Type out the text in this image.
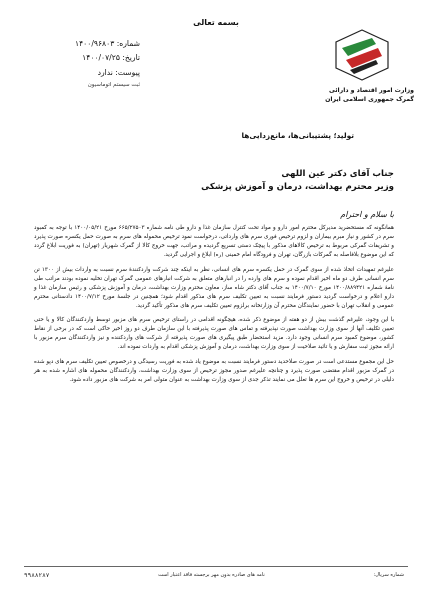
بسمه تعالی
وزارت امور اقتصاد و دارائی
گمرک جمهوری اسلامی ایران
شماره: ۱۴۰۰/۹۶۸۰۳
تاریخ: ۱۴۰۰/۰۷/۲۵
پیوست: ندارد
ثبت سیستم اتوماسیون
تولید؛ پشتیبانی‌ها، مانع‌زدایی‌ها
جناب آقای دکتر عین اللهی
وزیر محترم بهداشت، درمان و آموزش پزشکی
با سلام و احترام

همانگونه که مستحضرید مدیرکل محترم امور دارو و مواد تحت کنترل سازمان غذا و دارو طی نامه شماره ۶۶۵/۲۷۵۰۳ مورخ ۱۴۰۰/۰۵/۲۱ با توجه به کمبود سرم در کشور و نیاز مبرم بیماران و لزوم ترخیص فوری سرم های وارداتی، درخواست نمود ترخیص محموله های سرم به صورت حمل یکسره صورت پذیرد و تشریفات گمرکی مربوط به ترخیص کالاهای مذکور با پیچک دستی تسریع گردیده و مراتب، جهت خروج کالا از گمرک شهریار (تهران) به فوریت ابلاغ گردد که این موضوع بلافاصله به گمرکات بازرگان، تهران و فرودگاه امام خمینی (ره) ابلاغ و اجرایی گردید.

علیرغم تمهیدات اتخاذ شده از سوی گمرک در حمل یکسره سرم های انسانی، نظر به اینکه چند شرکت واردکنندهٔ سرم نسبت به واردات بیش از ۱۳۰۰ تن سرم انسانی طرف دو ماه اخیر اقدام نموده و سرم های وارده را در انبارهای متعلق به شرکت انبارهای عمومی گمرک تهران تخلیه نموده بودند مراتب طی نامهٔ شماره ۱۴۰۰/۸۸۹۴۲۱ مورخ ۱۴۰۰/۷/۱۰ به جناب آقای دکتر شاه ساز، معاون محترم وزارت بهداشت، درمان و آموزش پزشکی و رئیس سازمان غذا و دارو اعلام و درخواست گردید دستور فرمایند نسبت به تعیین تکلیف سرم های مذکور اقدام شود؛ همچنین در جلسهٔ مورخ ۱۴۰۰/۷/۱۲ دادستانی محترم عمومی و انقلاب تهران با حضور نمایندگان محترم آن وزارتخانه برلزوم تعیین تکلیف سرم های مذکور تأکید گردید.

با این وجود، علیرغم گذشت بیش از دو هفته از موضوع ذکر شده، هیچگونه اقدامی در راستای ترخیص سرم های مزبور توسط واردکنندگان کالا و یا حتی تعیین تکلیف آنها از سوی وزارت بهداشت صورت نپذیرفته و تماس های صورت پذیرفته با این سازمان طرف دو روز اخیر حاکی است که در برخی از نقاط کشور، موضوع کمبود سرم انسانی وجود دارد. مزید استحضار طبق پیگیری های صورت پذیرفته از شرکت های واردکننده و نیز واردکنندگان سرم مزبور با ارائه مجوز ثبت سفارش و یا تائید صلاحیت از سوی وزارت بهداشت، درمان و آموزش پزشکی اقدام به واردات نموده اند.

حل این مجموع مستدعی است در صورت صلاحدید دستور فرمایند نسبت به موضوع یاد شده به فوریت رسیدگی و درخصوص تعیین تکلیف سرم های دپو شده در گمرک مزبور اقدام مقتضی صورت پذیرد و چنانچه علیرغم صدور مجوز ترخیص از سوی وزارت بهداشت، واردکنندگان محموله های اشاره شده به هر دلیلی در ترخیص و خروج این سرم ها تعلل می نمایند تذکر جدی از سوی وزارت بهداشت به عنوان متولی امر به شرکت های مزبور داده شود.

شماره سریال:
نامه های صادره بدون مهر برجسته فاقد اعتبار است
۹۹۸۸۲۸۷
